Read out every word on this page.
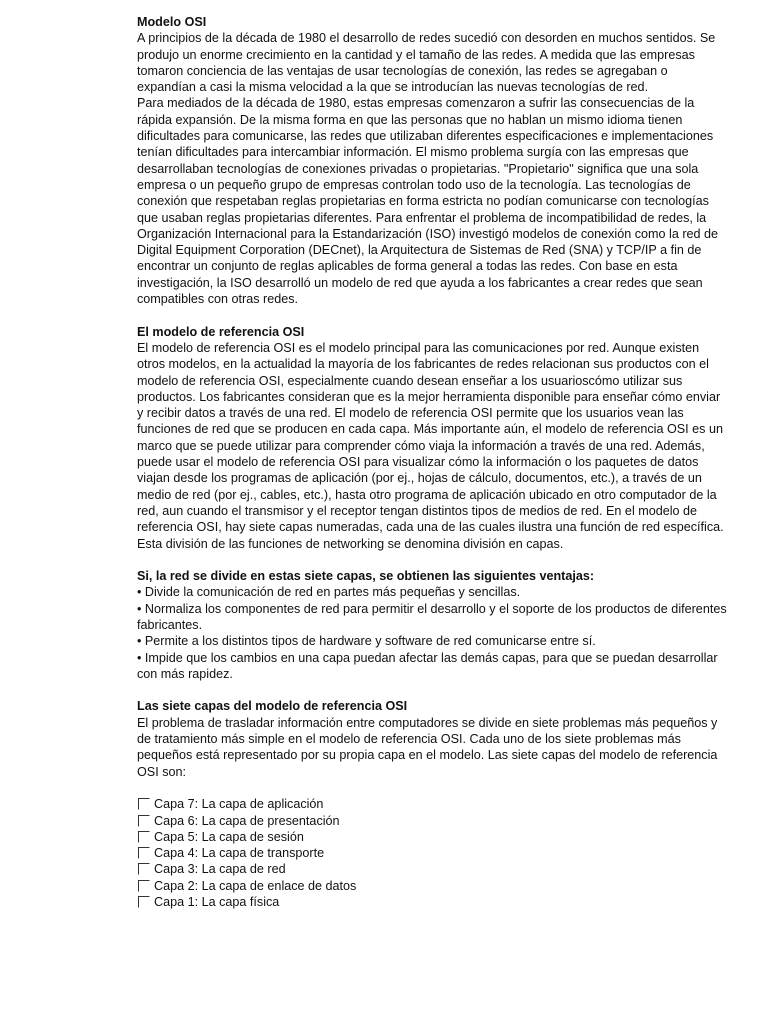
Modelo OSI

A principios de la década de 1980 el desarrollo de redes sucedió con desorden en muchos sentidos. Se produjo un enorme crecimiento en la cantidad y el tamaño de las redes. A medida que las empresas tomaron conciencia de las ventajas de usar tecnologías de conexión, las redes se agregaban o expandían a casi la misma velocidad a la que se introducían las nuevas tecnologías de red.

Para mediados de la década de 1980, estas empresas comenzaron a sufrir las consecuencias de la rápida expansión. De la misma forma en que las personas que no hablan un mismo idioma tienen dificultades para comunicarse, las redes que utilizaban diferentes especificaciones e implementaciones tenían dificultades para intercambiar información. El mismo problema surgía con las empresas que desarrollaban tecnologías de conexiones privadas o propietarias. "Propietario" significa que una sola empresa o un pequeño grupo de empresas controlan todo uso de la tecnología. Las tecnologías de conexión que respetaban reglas propietarias en forma estricta no podían comunicarse con tecnologías que usaban reglas propietarias diferentes. Para enfrentar el problema de incompatibilidad de redes, la Organización Internacional para la Estandarización (ISO) investigó modelos de conexión como la red de Digital Equipment Corporation (DECnet), la Arquitectura de Sistemas de Red (SNA) y TCP/IP a fin de encontrar un conjunto de reglas aplicables de forma general a todas las redes. Con base en esta investigación, la ISO desarrolló un modelo de red que ayuda a los fabricantes a crear redes que sean compatibles con otras redes.

El modelo de referencia OSI

El modelo de referencia OSI es el modelo principal para las comunicaciones por red. Aunque existen otros modelos, en la actualidad la mayoría de los fabricantes de redes relacionan sus productos con el modelo de referencia OSI, especialmente cuando desean enseñar a los usuarioscómo utilizar sus productos. Los fabricantes consideran que es la mejor herramienta disponible para enseñar cómo enviar y recibir datos a través de una red. El modelo de referencia OSI permite que los usuarios vean las funciones de red que se producen en cada capa. Más importante aún, el modelo de referencia OSI es un marco que se puede utilizar para comprender cómo viaja la información a través de una red. Además, puede usar el modelo de referencia OSI para visualizar cómo la información o los paquetes de datos viajan desde los programas de aplicación (por ej., hojas de cálculo, documentos, etc.), a través de un medio de red (por ej., cables, etc.), hasta otro programa de aplicación ubicado en otro computador de la red, aun cuando el transmisor y el receptor tengan distintos tipos de medios de red. En el modelo de referencia OSI, hay siete capas numeradas, cada una de las cuales ilustra una función de red específica. Esta división de las funciones de networking se denomina división en capas.

Si, la red se divide en estas siete capas, se obtienen las siguientes ventajas:

• Divide la comunicación de red en partes más pequeñas y sencillas.

• Normaliza los componentes de red para permitir el desarrollo y el soporte de los productos de diferentes fabricantes.

• Permite a los distintos tipos de hardware y software de red comunicarse entre sí.

• Impide que los cambios en una capa puedan afectar las demás capas, para que se puedan desarrollar con más rapidez.

Las siete capas del modelo de referencia OSI

El problema de trasladar información entre computadores se divide en siete problemas más pequeños y de tratamiento más simple en el modelo de referencia OSI. Cada uno de los siete problemas más pequeños está representado por su propia capa en el modelo. Las siete capas del modelo de referencia OSI son:

Capa 7: La capa de aplicación
Capa 6: La capa de presentación
Capa 5: La capa de sesión
Capa 4: La capa de transporte
Capa 3: La capa de red
Capa 2: La capa de enlace de datos
Capa 1: La capa física
